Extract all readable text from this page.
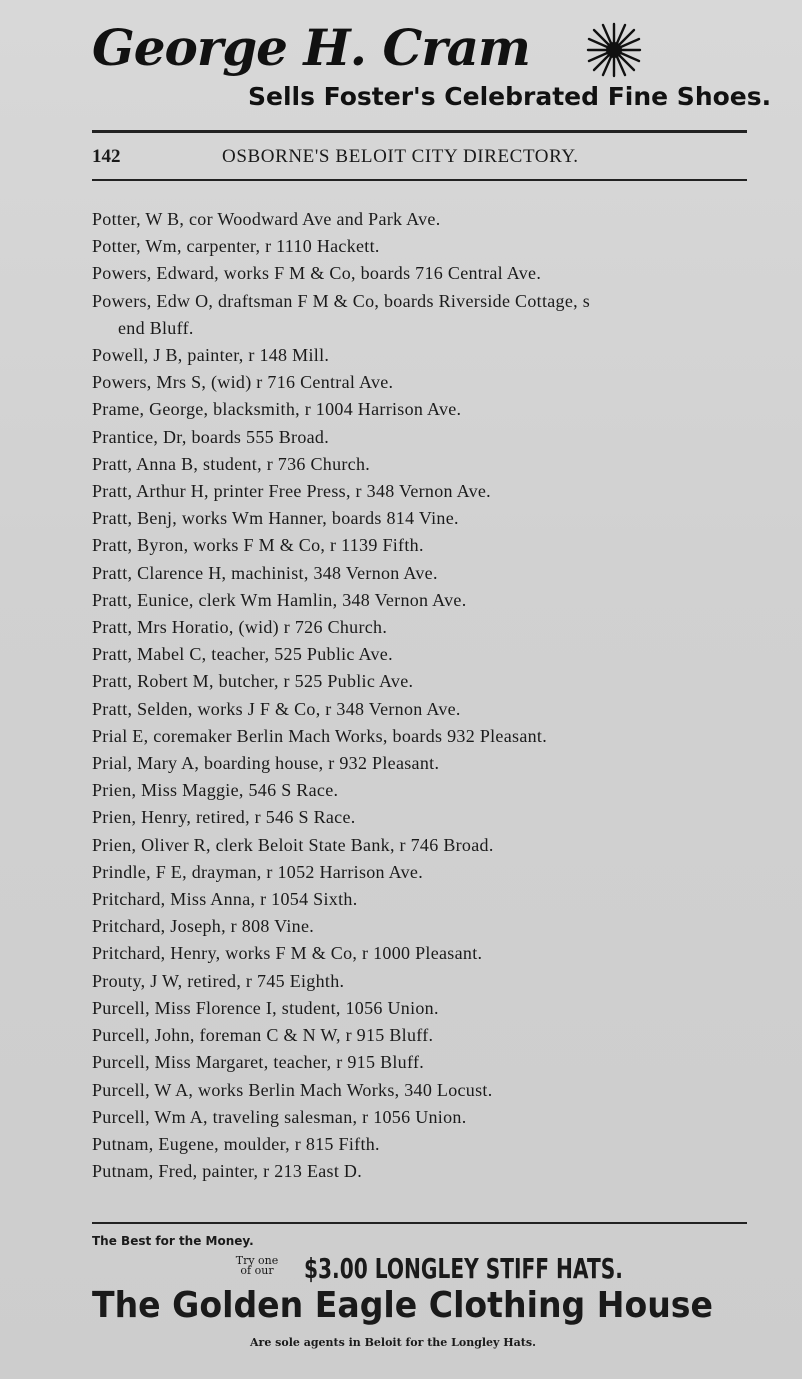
George H. Cram
Sells Foster's Celebrated Fine Shoes.
142	OSBORNE'S BELOIT CITY DIRECTORY.
Potter, W B, cor Woodward Ave and Park Ave.
Potter, Wm, carpenter, r 1110 Hackett.
Powers, Edward, works F M & Co, boards 716 Central Ave.
Powers, Edw O, draftsman F M & Co, boards Riverside Cottage, s
end Bluff.
Powell, J B, painter, r 148 Mill.
Powers, Mrs S, (wid) r 716 Central Ave.
Prame, George, blacksmith, r 1004 Harrison Ave.
Prantice, Dr, boards 555 Broad.
Pratt, Anna B, student, r 736 Church.
Pratt, Arthur H, printer Free Press, r 348 Vernon Ave.
Pratt, Benj, works Wm Hanner, boards 814 Vine.
Pratt, Byron, works F M & Co, r 1139 Fifth.
Pratt, Clarence H, machinist, 348 Vernon Ave.
Pratt, Eunice, clerk Wm Hamlin, 348 Vernon Ave.
Pratt, Mrs Horatio, (wid) r 726 Church.
Pratt, Mabel C, teacher, 525 Public Ave.
Pratt, Robert M, butcher, r 525 Public Ave.
Pratt, Selden, works J F & Co, r 348 Vernon Ave.
Prial E, coremaker Berlin Mach Works, boards 932 Pleasant.
Prial, Mary A, boarding house, r 932 Pleasant.
Prien, Miss Maggie, 546 S Race.
Prien, Henry, retired, r 546 S Race.
Prien, Oliver R, clerk Beloit State Bank, r 746 Broad.
Prindle, F E, drayman, r 1052 Harrison Ave.
Pritchard, Miss Anna, r 1054 Sixth.
Pritchard, Joseph, r 808 Vine.
Pritchard, Henry, works F M & Co, r 1000 Pleasant.
Prouty, J W, retired, r 745 Eighth.
Purcell, Miss Florence I, student, 1056 Union.
Purcell, John, foreman C & N W, r 915 Bluff.
Purcell, Miss Margaret, teacher, r 915 Bluff.
Purcell, W A, works Berlin Mach Works, 340 Locust.
Purcell, Wm A, traveling salesman, r 1056 Union.
Putnam, Eugene, moulder, r 815 Fifth.
Putnam, Fred, painter, r 213 East D.
The Best for the Money.
Try one
of our	$3.00 LONGLEY STIFF HATS.
The Golden Eagle Clothing House
Are sole agents in Beloit for the Longley Hats.
